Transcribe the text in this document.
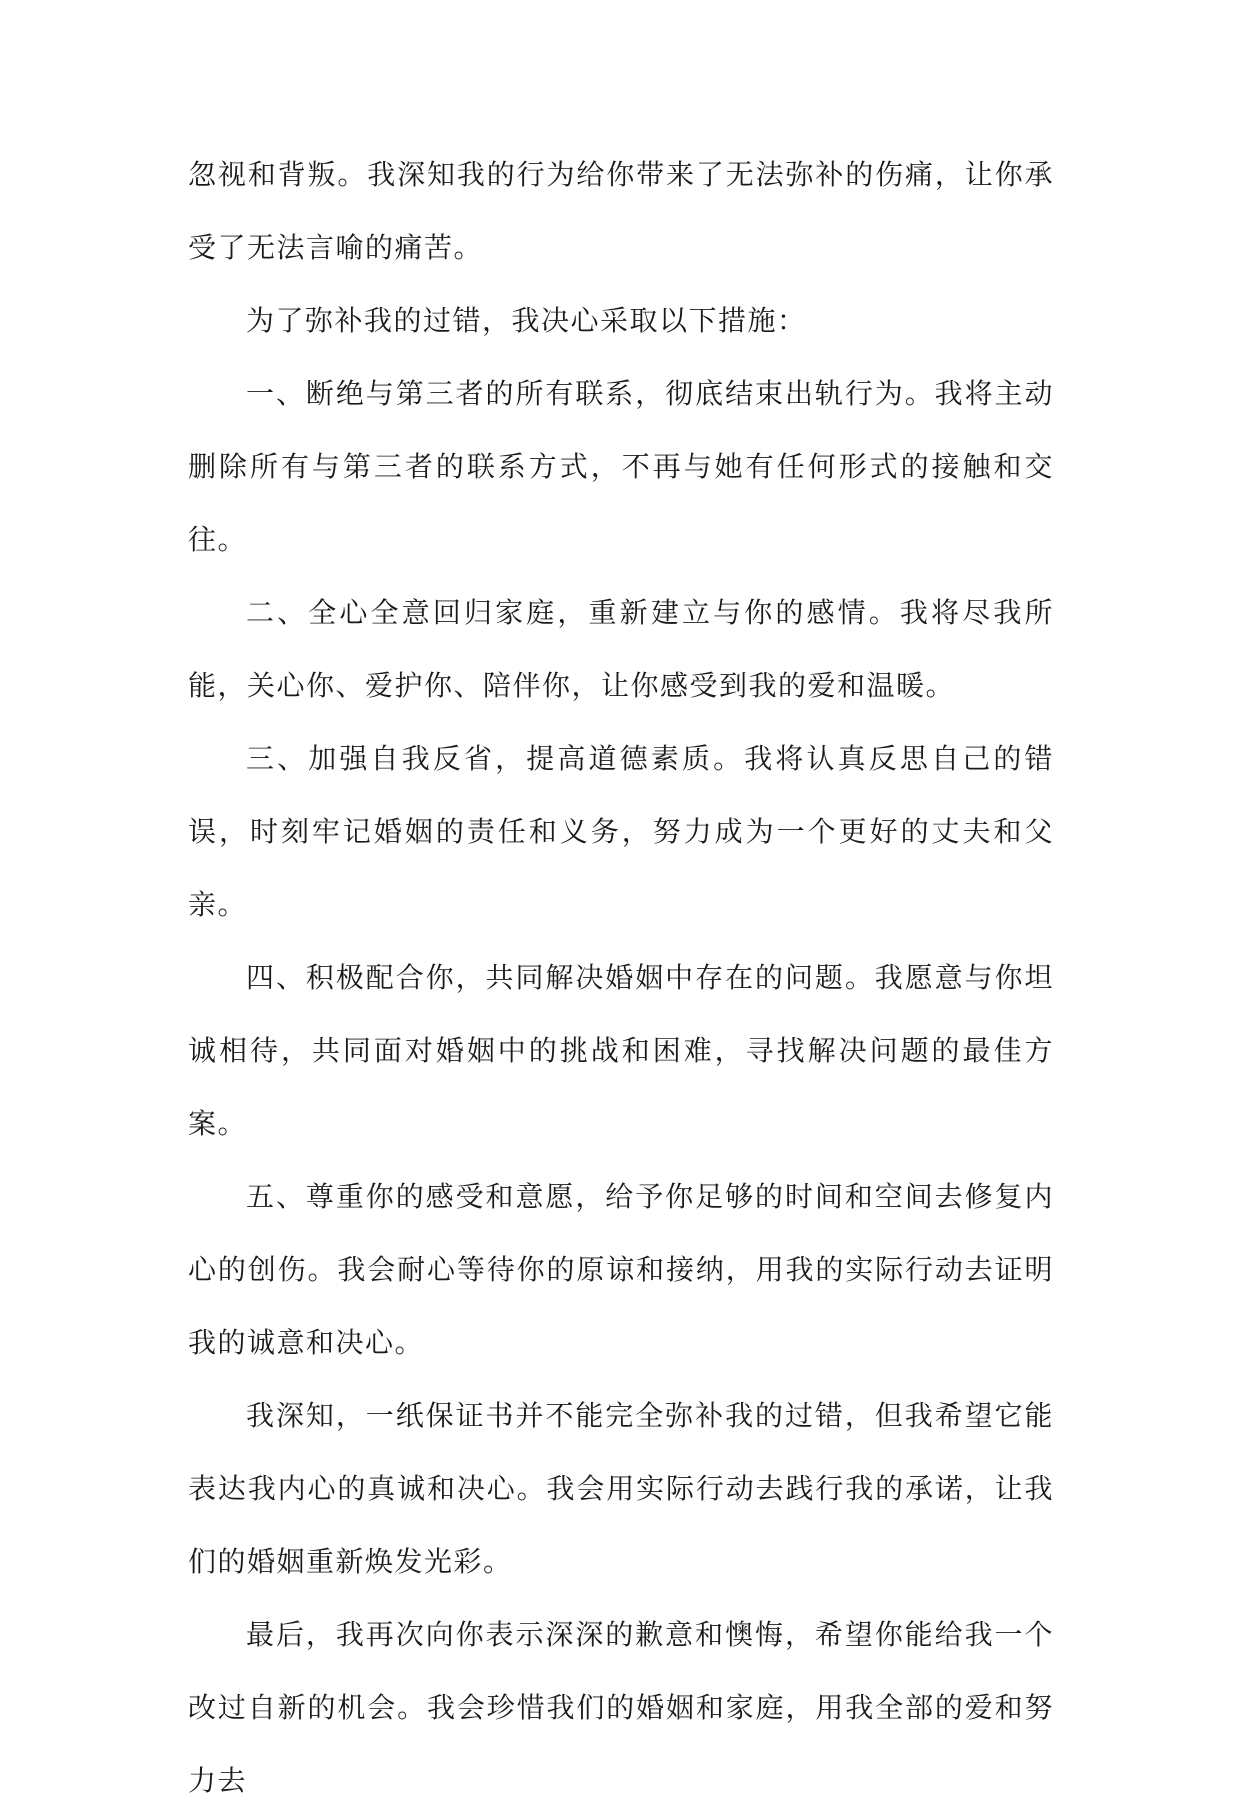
忽视和背叛。我深知我的行为给你带来了无法弥补的伤痛，让你承受了无法言喻的痛苦。

为了弥补我的过错，我决心采取以下措施：

一、断绝与第三者的所有联系，彻底结束出轨行为。我将主动删除所有与第三者的联系方式，不再与她有任何形式的接触和交往。

二、全心全意回归家庭，重新建立与你的感情。我将尽我所能，关心你、爱护你、陪伴你，让你感受到我的爱和温暖。

三、加强自我反省，提高道德素质。我将认真反思自己的错误，时刻牢记婚姻的责任和义务，努力成为一个更好的丈夫和父亲。

四、积极配合你，共同解决婚姻中存在的问题。我愿意与你坦诚相待，共同面对婚姻中的挑战和困难，寻找解决问题的最佳方案。

五、尊重你的感受和意愿，给予你足够的时间和空间去修复内心的创伤。我会耐心等待你的原谅和接纳，用我的实际行动去证明我的诚意和决心。

我深知，一纸保证书并不能完全弥补我的过错，但我希望它能表达我内心的真诚和决心。我会用实际行动去践行我的承诺，让我们的婚姻重新焕发光彩。

最后，我再次向你表示深深的歉意和懊悔，希望你能给我一个改过自新的机会。我会珍惜我们的婚姻和家庭，用我全部的爱和努力去
